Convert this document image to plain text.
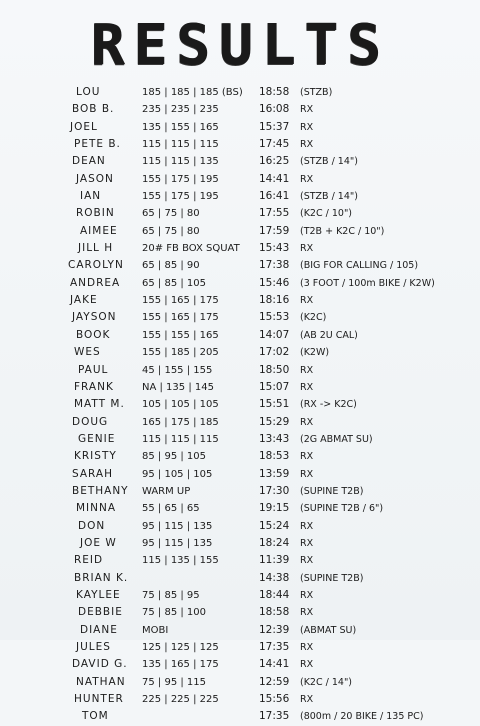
RESULTS
LOU	185 | 185 | 185 (BS) 18:58 (STZB)
BOB B.	235 | 235 | 235	16:08 RX
JOEL	135 | 155 | 165	15:37 RX
PETE B. 115 | 115 | 115	17:45 RX
DEAN	115 | 115 | 135	16:25 (STZB / 14")
JASON	155 | 175 | 195	14:41 RX
IAN	155 | 175 | 195	16:41 (STZB / 14")
ROBIN	65 | 75 | 80	17:55 (K2C / 10")
AIMEE 65 | 75 | 80	17:59 (T2B + K2C / 10")
JILL H	20# FB BOX SQUAT 15:43 RX
CAROLYN 65 | 85 | 90	17:38 (BIG FOR CALLING / 105)
ANDREA 65 | 85 | 105	15:46 (3 FOOT / 100m BIKE / K2W)
JAKE	155 | 165 | 175	18:16 RX
JAYSON	155 | 165 | 175	15:53 (K2C)
BOOK	155 | 155 | 165	14:07 (AB 2U CAL)
WES	155 | 185 | 205	17:02 (K2W)
PAUL	45 | 155 | 155	18:50 RX
FRANK	NA | 135 | 145	15:07 RX
MATT M. 105 | 105 | 105	15:51 (RX -> K2C)
DOUG	165 | 175 | 185	15:29 RX
GENIE	115 | 115 | 115	13:43 (2G ABMAT SU)
KRISTY	85 | 95 | 105	18:53 RX
SARAH	95 | 105 | 105	13:59 RX
BETHANY WARM UP	17:30 (SUPINE T2B)
MINNA	55 | 65 | 65	19:15 (SUPINE T2B / 6")
DON	95 | 115 | 135	15:24 RX
JOE W	95 | 115 | 135	18:24 RX
REID	115 | 135 | 155	11:39 RX
BRIAN K.	14:38 (SUPINE T2B)
KAYLEE 75 | 85 | 95	18:44 RX
DEBBIE 75 | 85 | 100	18:58 RX
DIANE MOBI	12:39 (ABMAT SU)
JULES	125 | 125 | 125	17:35 RX
DAVID G. 135 | 165 | 175	14:41 RX
NATHAN 75 | 95 | 115	12:59 (K2C / 14")
HUNTER 225 | 225 | 225	15:56 RX
TOM	17:35 (800m / 20 BIKE / 135 PC)
